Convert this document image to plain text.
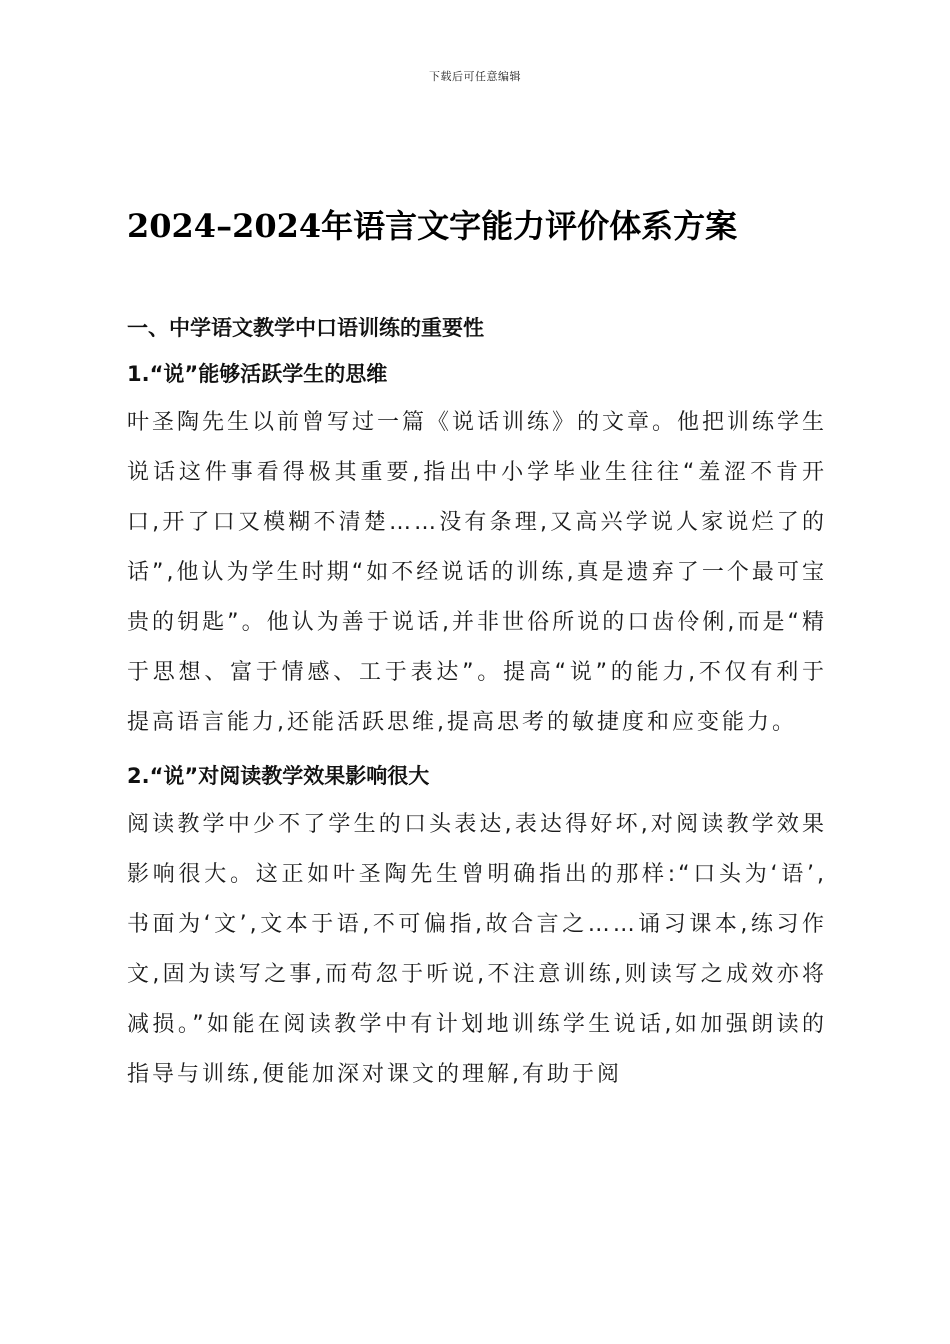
下载后可任意编辑
2024–2024年语言文字能力评价体系方案
一、中学语文教学中口语训练的重要性
1.“说”能够活跃学生的思维

叶圣陶先生以前曾写过一篇《说话训练》的文章。他把训练学生说话这件事看得极其重要,指出中小学毕业生往往“羞涩不肯开口,开了口又模糊不清楚……没有条理,又高兴学说人家说烂了的话”,他认为学生时期“如不经说话的训练,真是遗弃了一个最可宝贵的钥匙”。他认为善于说话,并非世俗所说的口齿伶俐,而是“精于思想、富于情感、工于表达”。提高“说”的能力,不仅有利于提高语言能力,还能活跃思维,提高思考的敏捷度和应变能力。

2.“说”对阅读教学效果影响很大

阅读教学中少不了学生的口头表达,表达得好坏,对阅读教学效果影响很大。这正如叶圣陶先生曾明确指出的那样:“口头为‘语’,书面为‘文’,文本于语,不可偏指,故合言之……诵习课本,练习作文,固为读写之事,而苟忽于听说,不注意训练,则读写之成效亦将减损。”如能在阅读教学中有计划地训练学生说话,如加强朗读的指导与训练,便能加深对课文的理解,有助于阅
